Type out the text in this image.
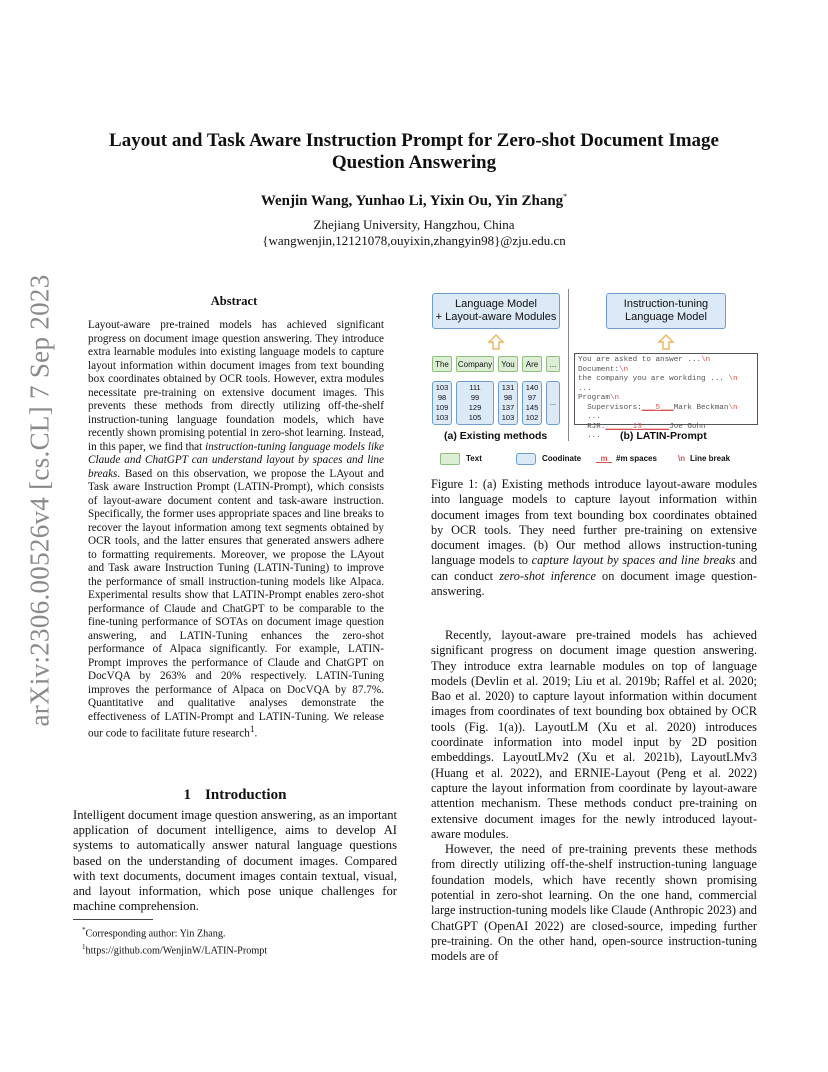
arXiv:2306.00526v4 [cs.CL] 7 Sep 2023
Layout and Task Aware Instruction Prompt for Zero-shot Document Image Question Answering
Wenjin Wang, Yunhao Li, Yixin Ou, Yin Zhang*
Zhejiang University, Hangzhou, China
{wangwenjin,12121078,ouyixin,zhangyin98}@zju.edu.cn
Abstract
Layout-aware pre-trained models has achieved significant progress on document image question answering. They introduce extra learnable modules into existing language models to capture layout information within document images from text bounding box coordinates obtained by OCR tools. However, extra modules necessitate pre-training on extensive document images. This prevents these methods from directly utilizing off-the-shelf instruction-tuning language foundation models, which have recently shown promising potential in zero-shot learning. Instead, in this paper, we find that instruction-tuning language models like Claude and ChatGPT can understand layout by spaces and line breaks. Based on this observation, we propose the LAyout and Task aware Instruction Prompt (LATIN-Prompt), which consists of layout-aware document content and task-aware instruction. Specifically, the former uses appropriate spaces and line breaks to recover the layout information among text segments obtained by OCR tools, and the latter ensures that generated answers adhere to formatting requirements. Moreover, we propose the LAyout and Task aware Instruction Tuning (LATIN-Tuning) to improve the performance of small instruction-tuning models like Alpaca. Experimental results show that LATIN-Prompt enables zero-shot performance of Claude and ChatGPT to be comparable to the fine-tuning performance of SOTAs on document image question answering, and LATIN-Tuning enhances the zero-shot performance of Alpaca significantly. For example, LATIN-Prompt improves the performance of Claude and ChatGPT on DocVQA by 263% and 20% respectively. LATIN-Tuning improves the performance of Alpaca on DocVQA by 87.7%. Quantitative and qualitative analyses demonstrate the effectiveness of LATIN-Prompt and LATIN-Tuning. We release our code to facilitate future research$^1$.
1 Introduction
Intelligent document image question answering, as an important application of document intelligence, aims to develop AI systems to automatically answer natural language questions based on the understanding of document images. Compared with text documents, document images contain textual, visual, and layout information, which pose unique challenges for machine comprehension.
*Corresponding author: Yin Zhang.
$^1$https://github.com/WenjinW/LATIN-Prompt
Language Model
+ Layout-aware Modules
Instruction-tuning
Language Model
The	Company	You	Are	...
103
98
109
103
111
99
129
105
131
98
137
103
140
97
145
102
...
You are asked to answer ...\n
Document:\n
the company you are workding ... \n
...
Program\n
Supervisors:___5___Mark Beckman\n
...
RJR:______13______Joe Gohn
...
(a) Existing methods	(b) LATIN-Prompt
Text	Coodinate	m	#m spaces	\n Line break
Figure 1: (a) Existing methods introduce layout-aware modules into language models to capture layout information within document images from text bounding box coordinates obtained by OCR tools. They need further pre-training on extensive document images. (b) Our method allows instruction-tuning language models to capture layout by spaces and line breaks and can conduct zero-shot inference on document image question-answering.

Recently, layout-aware pre-trained models has achieved significant progress on document image question answering. They introduce extra learnable modules on top of language models (Devlin et al. 2019; Liu et al. 2019b; Raffel et al. 2020; Bao et al. 2020) to capture layout information within document images from coordinates of text bounding box obtained by OCR tools (Fig. 1(a)). LayoutLM (Xu et al. 2020) introduces coordinate information into model input by 2D position embeddings. LayoutLMv2 (Xu et al. 2021b), LayoutLMv3 (Huang et al. 2022), and ERNIE-Layout (Peng et al. 2022) capture the layout information from coordinate by layout-aware attention mechanism. These methods conduct pre-training on extensive document images for the newly introduced layout-aware modules.

However, the need of pre-training prevents these methods from directly utilizing off-the-shelf instruction-tuning language foundation models, which have recently shown promising potential in zero-shot learning. On the one hand, commercial large instruction-tuning models like Claude (Anthropic 2023) and ChatGPT (OpenAI 2022) are closed-source, impeding further pre-training. On the other hand, open-source instruction-tuning models are of
